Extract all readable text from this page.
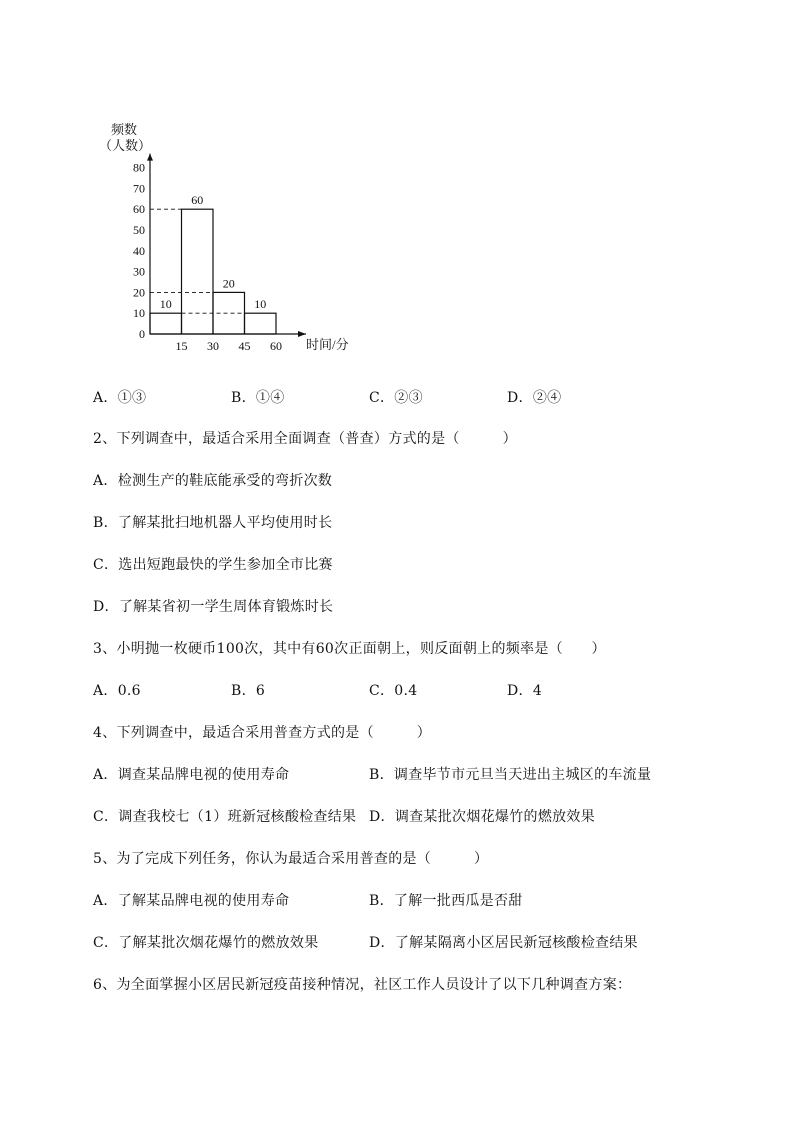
频数
（人数）
时间/分
0
10
20
30
40
50
60
70
80
15 30 45 60
10
60
20
10
A．①③	B．①④	C．②③	D．②④
2、下列调查中，最适合采用全面调查（普查）方式的是（　　　）
A．检测生产的鞋底能承受的弯折次数
B．了解某批扫地机器人平均使用时长
C．选出短跑最快的学生参加全市比赛
D．了解某省初一学生周体育锻炼时长
3、小明抛一枚硬币100次，其中有60次正面朝上，则反面朝上的频率是（　　）
A．0.6	B．6	C．0.4	D．4
4、下列调查中，最适合采用普查方式的是（　　　）
A．调查某品牌电视的使用寿命	B．调查毕节市元旦当天进出主城区的车流量
C．调查我校七（1）班新冠核酸检查结果 D．调查某批次烟花爆竹的燃放效果
5、为了完成下列任务，你认为最适合采用普查的是（　　　）
A．了解某品牌电视的使用寿命	B．了解一批西瓜是否甜
C．了解某批次烟花爆竹的燃放效果	D．了解某隔离小区居民新冠核酸检查结果
6、为全面掌握小区居民新冠疫苗接种情况，社区工作人员设计了以下几种调查方案：
